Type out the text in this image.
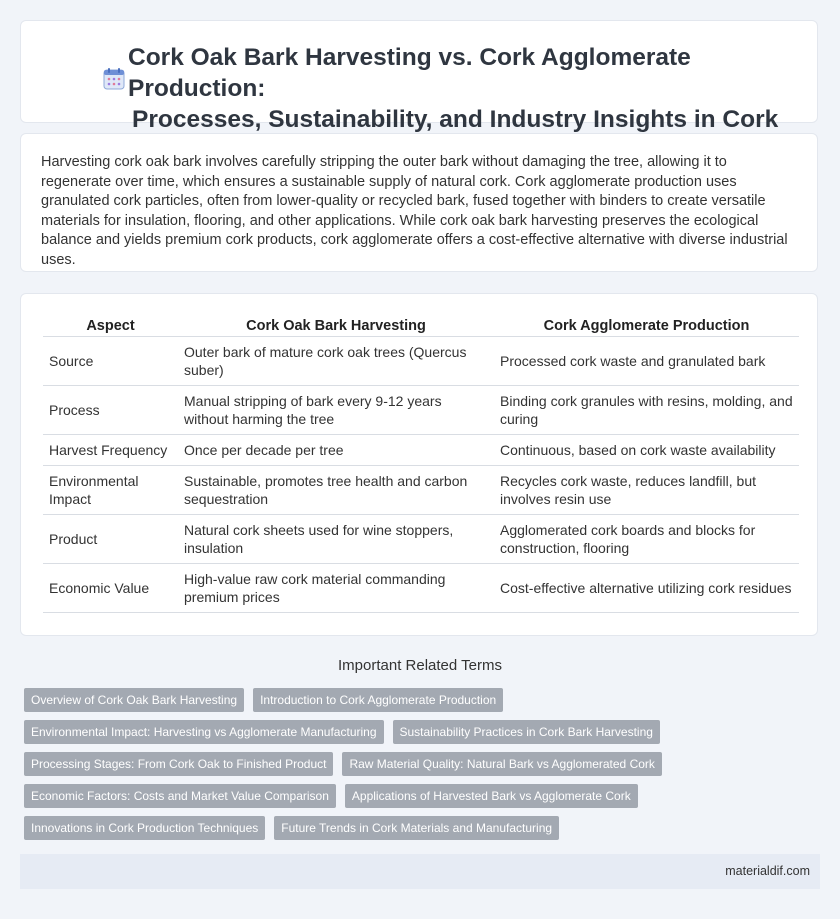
Cork Oak Bark Harvesting vs. Cork Agglomerate Production:
Processes, Sustainability, and Industry Insights in Cork

Harvesting cork oak bark involves carefully stripping the outer bark without damaging the tree, allowing it to regenerate over time, which ensures a sustainable supply of natural cork. Cork agglomerate production uses granulated cork particles, often from lower-quality or recycled bark, fused together with binders to create versatile materials for insulation, flooring, and other applications. While cork oak bark harvesting preserves the ecological balance and yields premium cork products, cork agglomerate offers a cost-effective alternative with diverse industrial uses.

Aspect	Cork Oak Bark Harvesting	Cork Agglomerate Production
Source	Outer bark of mature cork oak trees (Quercus suber)	Processed cork waste and granulated bark
Process	Manual stripping of bark every 9-12 years without harming the tree	Binding cork granules with resins, molding, and curing
Harvest Frequency	Once per decade per tree	Continuous, based on cork waste availability
Environmental Impact	Sustainable, promotes tree health and carbon sequestration	Recycles cork waste, reduces landfill, but involves resin use
Product	Natural cork sheets used for wine stoppers, insulation	Agglomerated cork boards and blocks for construction, flooring
Economic Value	High-value raw cork material commanding premium prices	Cost-effective alternative utilizing cork residues
Important Related Terms
Overview of Cork Oak Bark Harvesting	Introduction to Cork Agglomerate Production
Environmental Impact: Harvesting vs Agglomerate Manufacturing	Sustainability Practices in Cork Bark Harvesting
Processing Stages: From Cork Oak to Finished Product	Raw Material Quality: Natural Bark vs Agglomerated Cork
Economic Factors: Costs and Market Value Comparison	Applications of Harvested Bark vs Agglomerate Cork
Innovations in Cork Production Techniques	Future Trends in Cork Materials and Manufacturing
materialdif.com
